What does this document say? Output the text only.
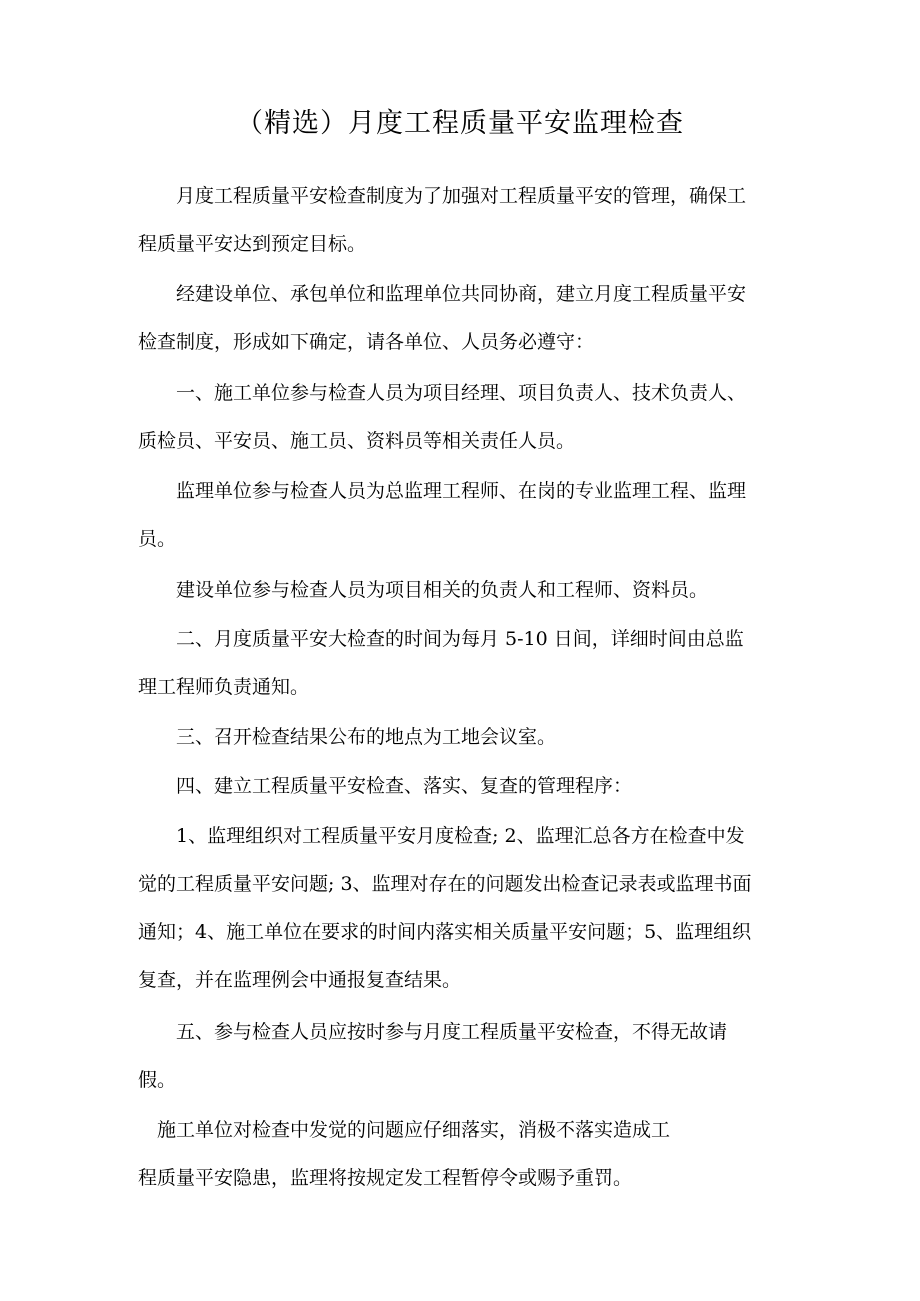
（精选）月度工程质量平安监理检查
　　月度工程质量平安检查制度为了加强对工程质量平安的管理，确保工
程质量平安达到预定目标。
　　经建设单位、承包单位和监理单位共同协商，建立月度工程质量平安
检查制度，形成如下确定，请各单位、人员务必遵守：
　　一、施工单位参与检查人员为项目经理、项目负责人、技术负责人、
质检员、平安员、施工员、资料员等相关责任人员。
　　监理单位参与检查人员为总监理工程师、在岗的专业监理工程、监理
员。
　　建设单位参与检查人员为项目相关的负责人和工程师、资料员。
　　二、月度质量平安大检查的时间为每月 5-10 日间，详细时间由总监
理工程师负责通知。
　　三、召开检查结果公布的地点为工地会议室。
　　四、建立工程质量平安检查、落实、复查的管理程序：
　　1、监理组织对工程质量平安月度检查; 2、监理汇总各方在检查中发
觉的工程质量平安问题; 3、监理对存在的问题发出检查记录表或监理书面
通知；4、施工单位在要求的时间内落实相关质量平安问题；5、监理组织
复查，并在监理例会中通报复查结果。
　　五、参与检查人员应按时参与月度工程质量平安检查，不得无故请
假。
　施工单位对检查中发觉的问题应仔细落实，消极不落实造成工
程质量平安隐患，监理将按规定发工程暂停令或赐予重罚。
